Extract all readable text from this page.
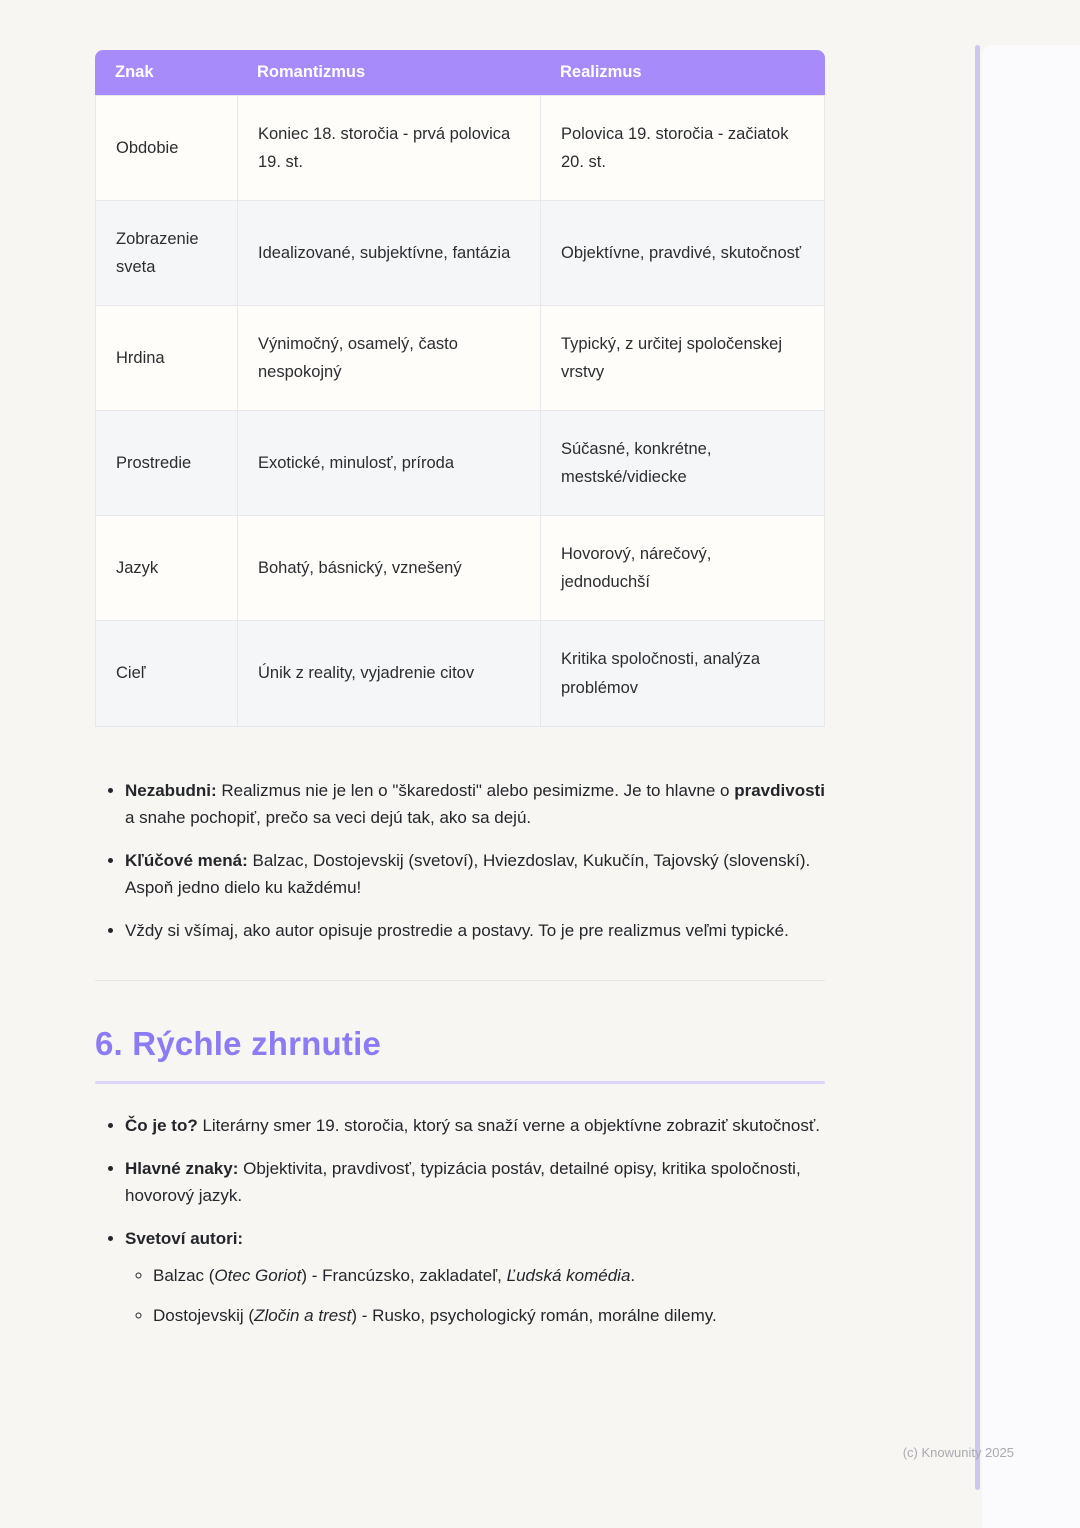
Znak	Romantizmus	Realizmus
Obdobie	Koniec 18. storočia - prvá polovica 19. st.	Polovica 19. storočia - začiatok 20. st.
Zobrazenie sveta	Idealizované, subjektívne, fantázia	Objektívne, pravdivé, skutočnosť
Hrdina	Výnimočný, osamelý, často nespokojný	Typický, z určitej spoločenskej vrstvy
Prostredie	Exotické, minulosť, príroda	Súčasné, konkrétne, mestské/vidiecke
Jazyk	Bohatý, básnický, vznešený	Hovorový, nárečový, jednoduchší
Cieľ	Únik z reality, vyjadrenie citov	Kritika spoločnosti, analýza problémov
• Nezabudni: Realizmus nie je len o "škaredosti" alebo pesimizme. Je to hlavne o pravdivosti a snahe pochopiť, prečo sa veci dejú tak, ako sa dejú.
• Kľúčové mená: Balzac, Dostojevskij (svetoví), Hviezdoslav, Kukučín, Tajovský (slovenskí). Aspoň jedno dielo ku každému!
• Vždy si všímaj, ako autor opisuje prostredie a postavy. To je pre realizmus veľmi typické.
6. Rýchle zhrnutie
• Čo je to? Literárny smer 19. storočia, ktorý sa snaží verne a objektívne zobraziť skutočnosť.
• Hlavné znaky: Objektivita, pravdivosť, typizácia postáv, detailné opisy, kritika spoločnosti, hovorový jazyk.
• Svetoví autori:
◦ Balzac (Otec Goriot) - Francúzsko, zakladateľ, Ľudská komédia.
◦ Dostojevskij (Zločin a trest) - Rusko, psychologický román, morálne dilemy.
(c) Knowunity 2025
